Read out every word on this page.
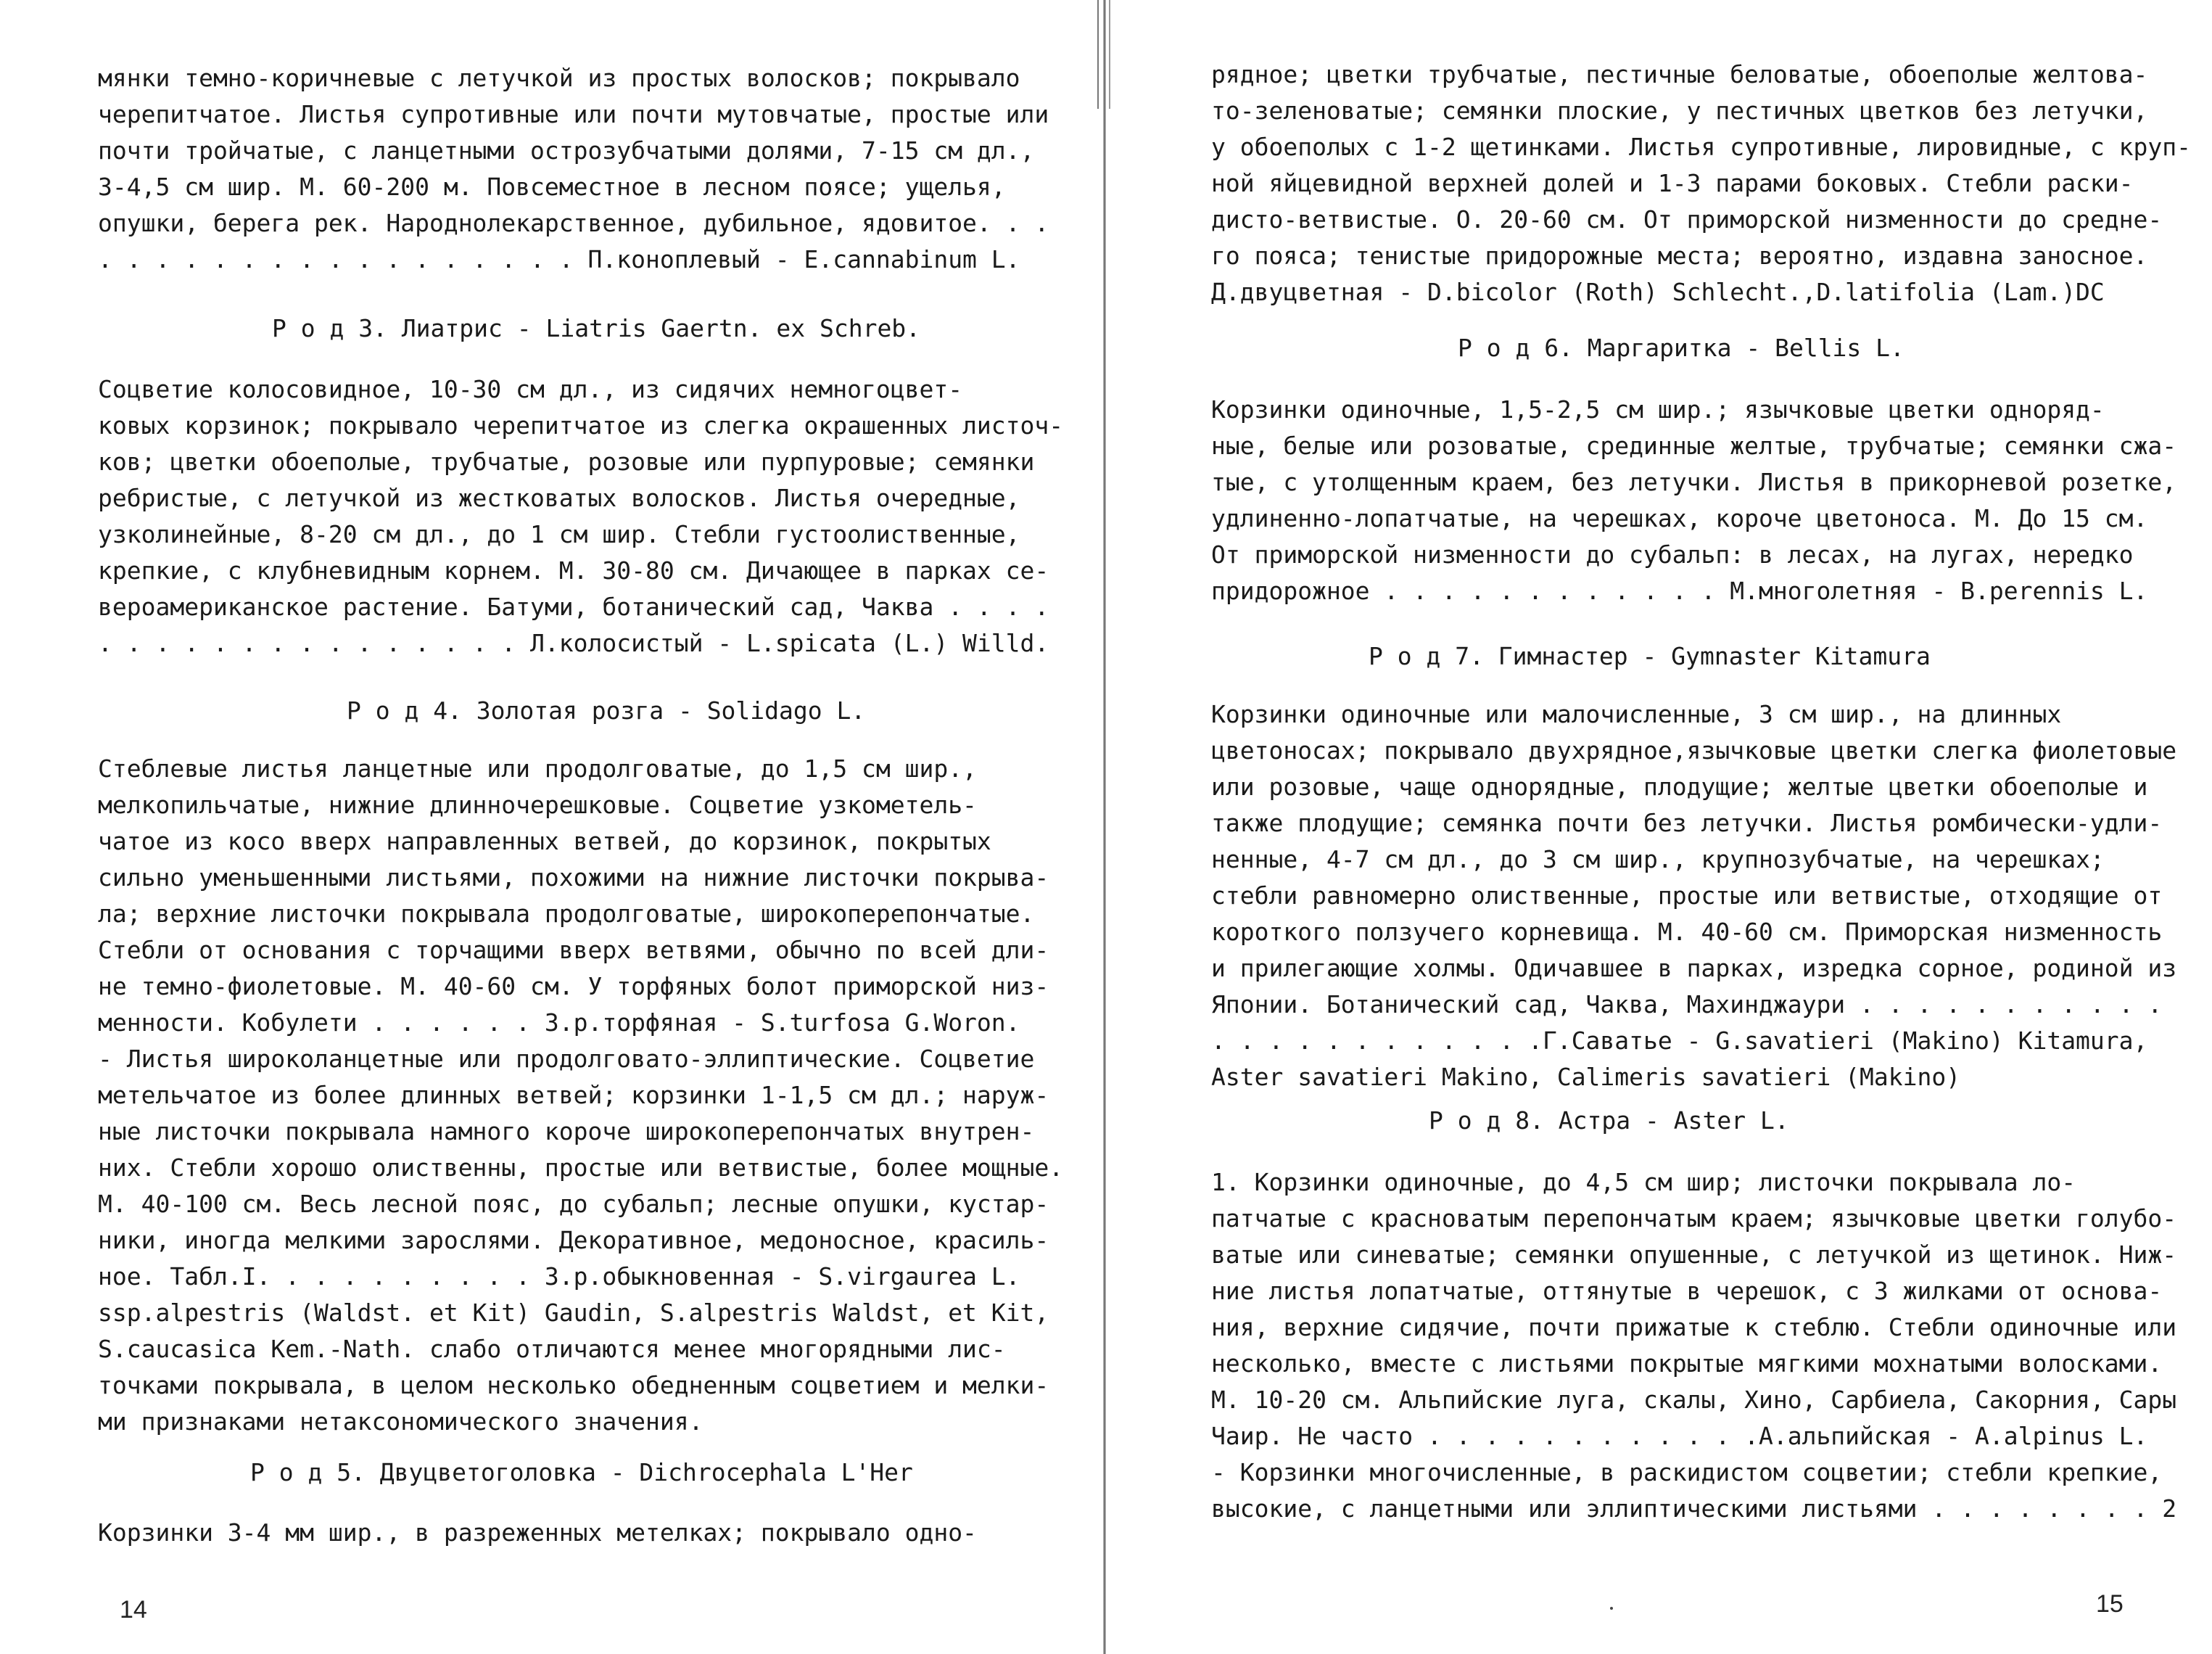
мянки темно-коричневые с летучкой из простых волосков; покрывало
черепитчатое. Листья супротивные или почти мутовчатые, простые или
почти тройчатые, с ланцетными острозубчатыми долями, 7-15 см дл.,
3-4,5 см шир. М. 60-200 м. Повсеместное в лесном поясе; ущелья,
опушки, берега рек. Народнолекарственное, дубильное, ядовитое. . .
. . . . . . . . . . . . . . . . . П.коноплевый - E.cannabinum L.
Р о д 3. Лиатрис - Liatris Gaertn. ex Schreb.
Соцветие колосовидное, 10-30 см дл., из сидячих немногоцвет-
ковых корзинок; покрывало черепитчатое из слегка окрашенных листоч-
ков; цветки обоеполые, трубчатые, розовые или пурпуровые; семянки
ребристые, с летучкой из жестковатых волосков. Листья очередные,
узколинейные, 8-20 см дл., до 1 см шир. Стебли густоолиственные,
крепкие, с клубневидным корнем. М. 30-80 см. Дичающее в парках се-
вероамериканское растение. Батуми, ботанический сад, Чаква . . . .
. . . . . . . . . . . . . . . Л.колосистый - L.spicata (L.) Willd.
Р о д 4. Золотая розга - Solidago L.
Стеблевые листья ланцетные или продолговатые, до 1,5 см шир.,
мелкопильчатые, нижние длинночерешковые. Соцветие узкометель-
чатое из косо вверх направленных ветвей, до корзинок, покрытых
сильно уменьшенными листьями, похожими на нижние листочки покрыва-
ла; верхние листочки покрывала продолговатые, широкоперепончатые.
Стебли от основания с торчащими вверх ветвями, обычно по всей дли-
не темно-фиолетовые. М. 40-60 см. У торфяных болот приморской низ-
менности. Кобулети . . . . . . З.р.торфяная - S.turfosa G.Woron.
- Листья широколанцетные или продолговато-эллиптические. Соцветие
метельчатое из более длинных ветвей; корзинки 1-1,5 см дл.; наруж-
ные листочки покрывала намного короче широкоперепончатых внутрен-
них. Стебли хорошо олиственны, простые или ветвистые, более мощные.
М. 40-100 см. Весь лесной пояс, до субальп; лесные опушки, кустар-
ники, иногда мелкими зарослями. Декоративное, медоносное, красиль-
ное. Табл.I. . . . . . . . . . З.р.обыкновенная - S.virgaurea L.
ssp.alpestris (Waldst. et Kit) Gaudin, S.alpestris Waldst, et Kit,
S.caucasica Kem.-Nath. слабо отличаются менее многорядными лис-
точками покрывала, в целом несколько обедненным соцветием и мелки-
ми признаками нетаксономического значения.
Р о д 5. Двуцветоголовка - Dichrocephala L'Her
Корзинки 3-4 мм шир., в разреженных метелках; покрывало одно-
14
рядное; цветки трубчатые, пестичные беловатые, обоеполые желтова-
то-зеленоватые; семянки плоские, у пестичных цветков без летучки,
у обоеполых с 1-2 щетинками. Листья супротивные, лировидные, с круп-
ной яйцевидной верхней долей и 1-3 парами боковых. Стебли раски-
дисто-ветвистые. О. 20-60 см. От приморской низменности до средне-
го пояса; тенистые придорожные места; вероятно, издавна заносное.
Д.двуцветная - D.bicolor (Roth) Schlecht.,D.latifolia (Lam.)DC
Р о д 6. Маргаритка - Bellis L.
Корзинки одиночные, 1,5-2,5 см шир.; язычковые цветки однoряд-
ные, белые или розоватые, срединные желтые, трубчатые; семянки сжа-
тые, с утолщенным краем, без летучки. Листья в прикорневой розетке,
удлиненно-лопатчатые, на черешках, короче цветоноса. М. До 15 см.
От приморской низменности до субальп: в лесах, на лугах, нередко
придорожное . . . . . . . . . . . . М.многолетняя - B.perennis L.
Р о д 7. Гимнастер - Gymnaster Kitamura
Корзинки одиночные или малочисленные, 3 см шир., на длинных
цветоносах; покрывало двухрядное,язычковые цветки слегка фиолетовые
или розовые, чаще однорядные, плодущие; желтые цветки обоеполые и
также плодущие; семянка почти без летучки. Листья ромбически-удли-
ненные, 4-7 см дл., до 3 см шир., крупнозубчатые, на черешках;
стебли равномерно олиственные, простые или ветвистые, отходящие от
короткого ползучего корневища. М. 40-60 см. Приморская низменность
и прилегающие холмы. Одичавшее в парках, изредка сорное, родиной из
Японии. Ботанический сад, Чаква, Махинджаури . . . . . . . . . . .
. . . . . . . . . . . .Г.Саватье - G.savatieri (Makino) Kitamura,
Aster savatieri Makino, Calimeris savatieri (Makino)
Р о д 8. Астра - Aster L.
1. Корзинки одиночные, до 4,5 см шир; листочки покрывала ло-
патчатые с красноватым перепончатым краем; язычковые цветки голубо-
ватые или синеватые; семянки опушенные, с летучкой из щетинок. Ниж-
ние листья лопатчатые, оттянутые в черешок, с 3 жилками от основа-
ния, верхние сидячие, почти прижатые к стеблю. Стебли одиночные или
несколько, вместе с листьями покрытые мягкими мохнатыми волосками.
М. 10-20 см. Альпийские луга, скалы, Хино, Сарбиела, Сакорния, Сары
Чаир. Не часто . . . . . . . . . . . .А.альпийская - A.alpinus L.
- Корзинки многочисленные, в раскидистом соцветии; стебли крепкие,
высокие, с ланцетными или эллиптическими листьями . . . . . . . . 2
15
